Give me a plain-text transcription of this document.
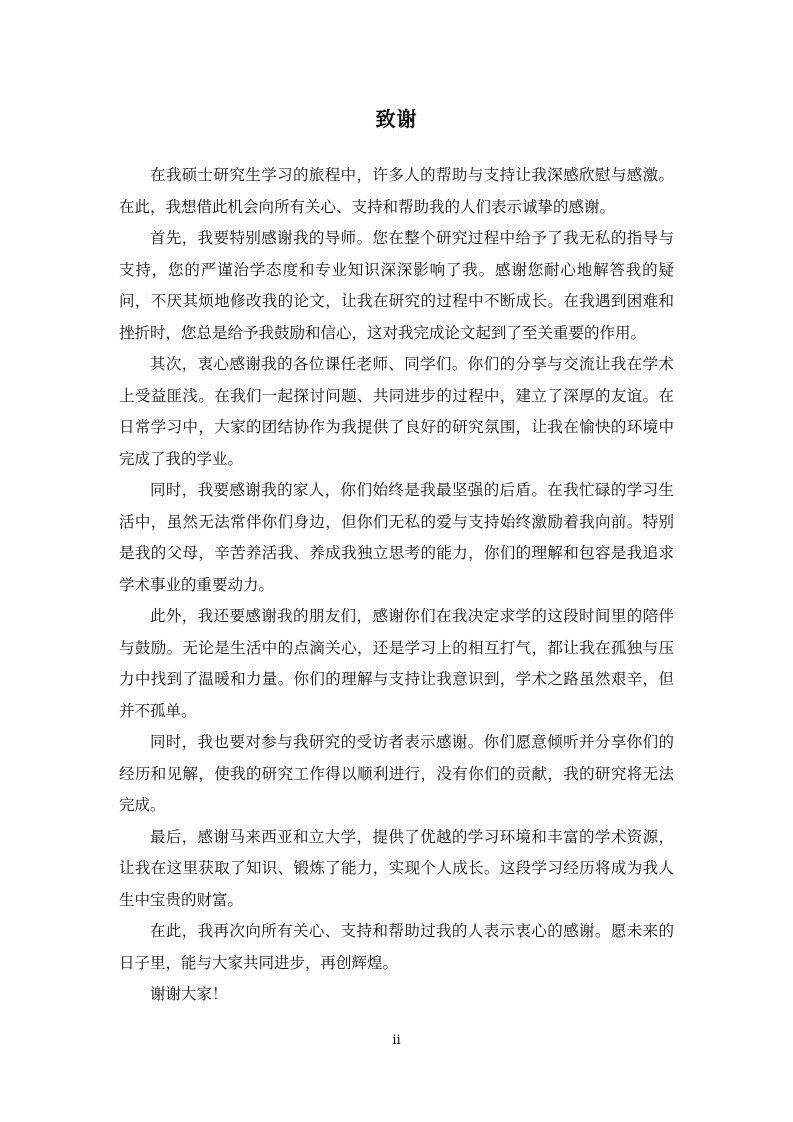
致谢

在我硕士研究生学习的旅程中，许多人的帮助与支持让我深感欣慰与感激。在此，我想借此机会向所有关心、支持和帮助我的人们表示诚挚的感谢。

首先，我要特别感谢我的导师。您在整个研究过程中给予了我无私的指导与支持，您的严谨治学态度和专业知识深深影响了我。感谢您耐心地解答我的疑问，不厌其烦地修改我的论文，让我在研究的过程中不断成长。在我遇到困难和挫折时，您总是给予我鼓励和信心，这对我完成论文起到了至关重要的作用。

其次，衷心感谢我的各位课任老师、同学们。你们的分享与交流让我在学术上受益匪浅。在我们一起探讨问题、共同进步的过程中，建立了深厚的友谊。在日常学习中，大家的团结协作为我提供了良好的研究氛围，让我在愉快的环境中完成了我的学业。

同时，我要感谢我的家人，你们始终是我最坚强的后盾。在我忙碌的学习生活中，虽然无法常伴你们身边，但你们无私的爱与支持始终激励着我向前。特别是我的父母，辛苦养活我、养成我独立思考的能力，你们的理解和包容是我追求学术事业的重要动力。

此外，我还要感谢我的朋友们，感谢你们在我决定求学的这段时间里的陪伴与鼓励。无论是生活中的点滴关心，还是学习上的相互打气，都让我在孤独与压力中找到了温暖和力量。你们的理解与支持让我意识到，学术之路虽然艰辛，但并不孤单。

同时，我也要对参与我研究的受访者表示感谢。你们愿意倾听并分享你们的经历和见解，使我的研究工作得以顺利进行，没有你们的贡献，我的研究将无法完成。

最后，感谢马来西亚和立大学，提供了优越的学习环境和丰富的学术资源，让我在这里获取了知识、锻炼了能力，实现个人成长。这段学习经历将成为我人生中宝贵的财富。

在此，我再次向所有关心、支持和帮助过我的人表示衷心的感谢。愿未来的日子里，能与大家共同进步，再创辉煌。

谢谢大家！

ii
